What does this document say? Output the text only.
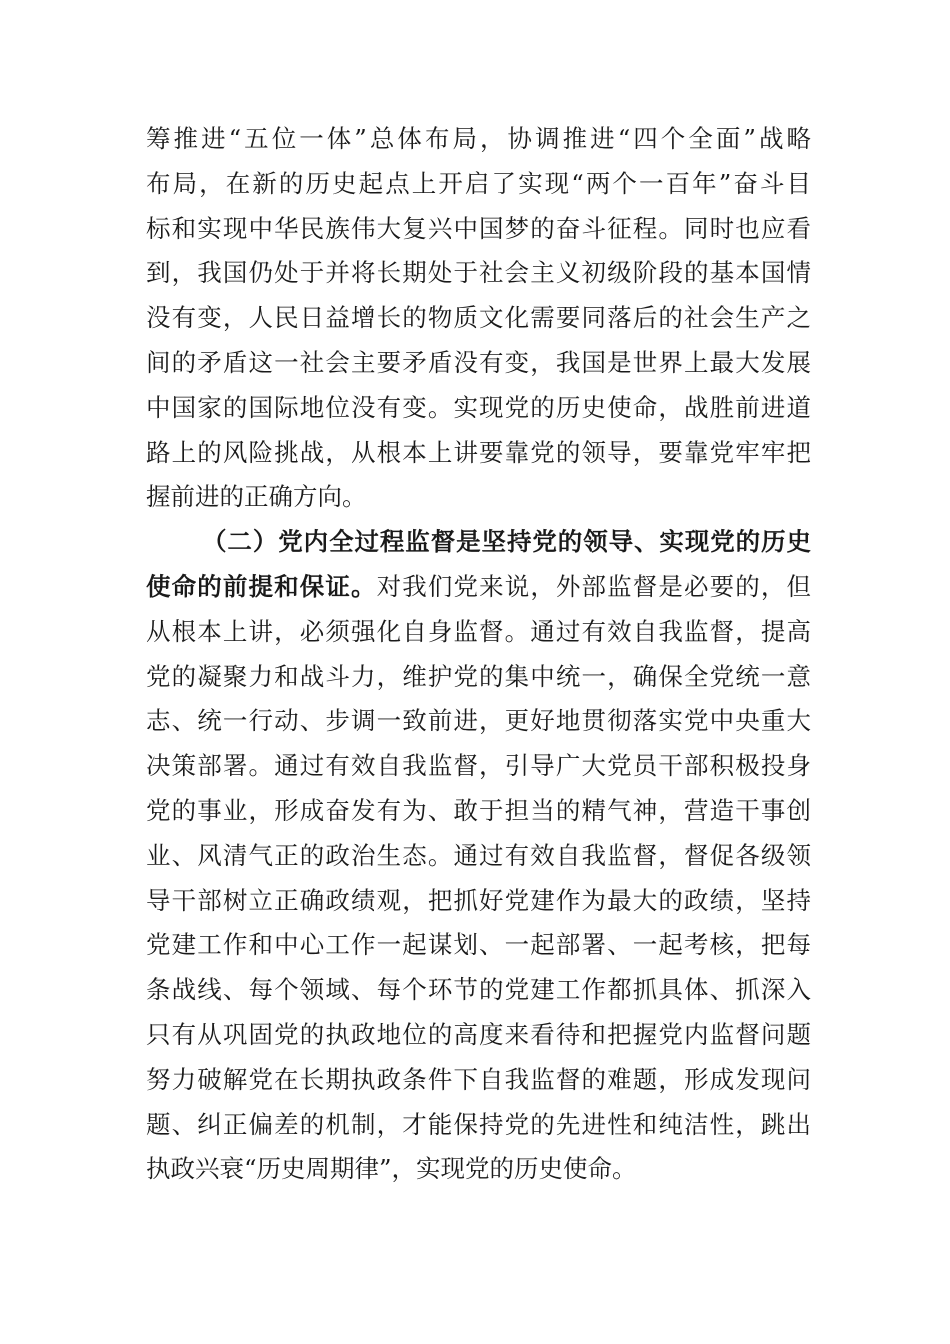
筹推进“五位一体”总体布局，协调推进“四个全面”战略
布局，在新的历史起点上开启了实现“两个一百年”奋斗目
标和实现中华民族伟大复兴中国梦的奋斗征程。同时也应看
到，我国仍处于并将长期处于社会主义初级阶段的基本国情
没有变，人民日益增长的物质文化需要同落后的社会生产之
间的矛盾这一社会主要矛盾没有变，我国是世界上最大发展
中国家的国际地位没有变。实现党的历史使命，战胜前进道
路上的风险挑战，从根本上讲要靠党的领导，要靠党牢牢把
握前进的正确方向。
（二）党内全过程监督是坚持党的领导、实现党的历史
使命的前提和保证。对我们党来说，外部监督是必要的，但
从根本上讲，必须强化自身监督。通过有效自我监督，提高
党的凝聚力和战斗力，维护党的集中统一，确保全党统一意
志、统一行动、步调一致前进，更好地贯彻落实党中央重大
决策部署。通过有效自我监督，引导广大党员干部积极投身
党的事业，形成奋发有为、敢于担当的精气神，营造干事创
业、风清气正的政治生态。通过有效自我监督，督促各级领
导干部树立正确政绩观，把抓好党建作为最大的政绩，坚持
党建工作和中心工作一起谋划、一起部署、一起考核，把每
条战线、每个领域、每个环节的党建工作都抓具体、抓深入
只有从巩固党的执政地位的高度来看待和把握党内监督问题
努力破解党在长期执政条件下自我监督的难题，形成发现问
题、纠正偏差的机制，才能保持党的先进性和纯洁性，跳出
执政兴衰“历史周期律”，实现党的历史使命。
